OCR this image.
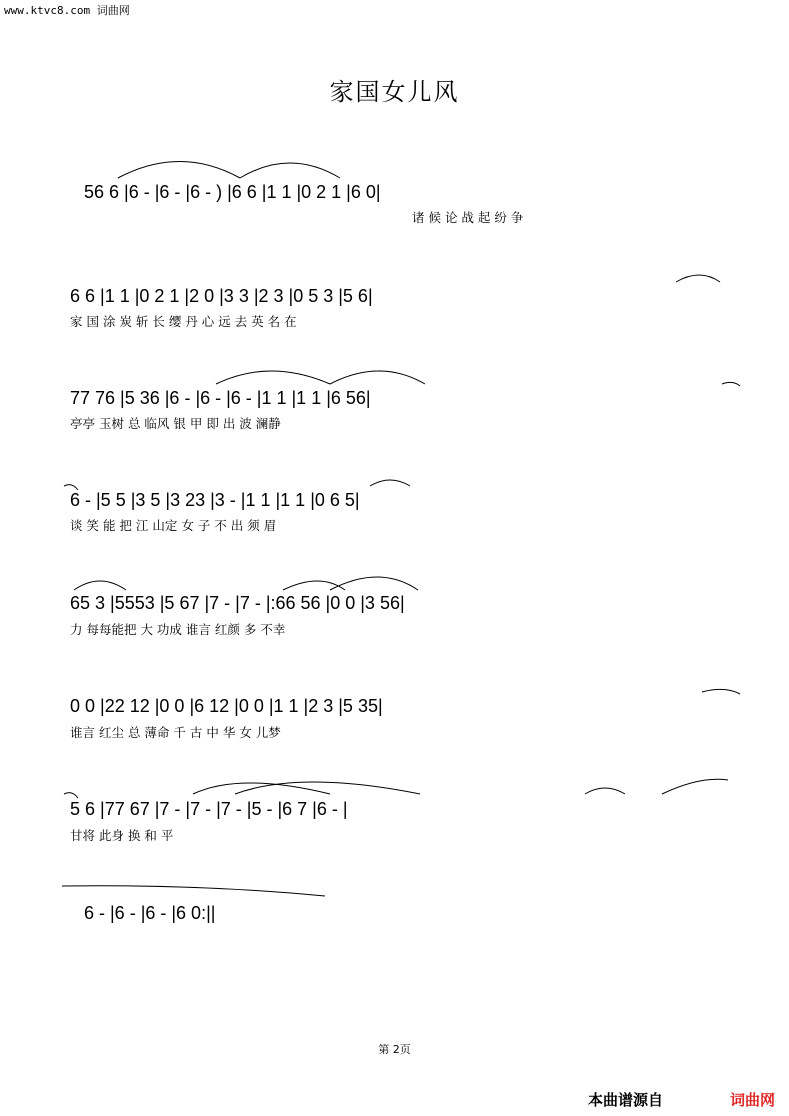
www.ktvc8.com 词曲网
家国女儿风
56 6 |6 - |6 - |6 - ) |6 6 |1 1 |0 2 1 |6 0|
诸 候 论 战 起 纷 争
6 6 |1 1 |0 2 1 |2 0 |3 3 |2 3 |0 5 3 |5 6|
家 国 涂 炭 斩 长 缨 丹 心 远 去 英 名 在
77 76 |5 36 |6 - |6 - |6 - |1 1 |1 1 |6 56|
亭亭 玉树 总 临风 银 甲 即 出 波 澜静
6 - |5 5 |3 5 |3 23 |3 - |1 1 |1 1 |0 6 5|
谈 笑 能 把 江 山定 女 子 不 出 须 眉
65 3 |5553 |5 67 |7 - |7 - |:66 56 |0 0 |3 56|
力 每每能把 大 功成 谁言 红颜 多 不幸
0 0 |22 12 |0 0 |6 12 |0 0 |1 1 |2 3 |5 35|
谁言 红尘 总 薄命 千 古 中 华 女 儿梦
5 6 |77 67 |7 - |7 - |7 - |5 - |6 7 |6 - |
甘将 此身 换 和 平
6 - |6 - |6 - |6 0:||
第 2页
本曲谱源自	词曲网
